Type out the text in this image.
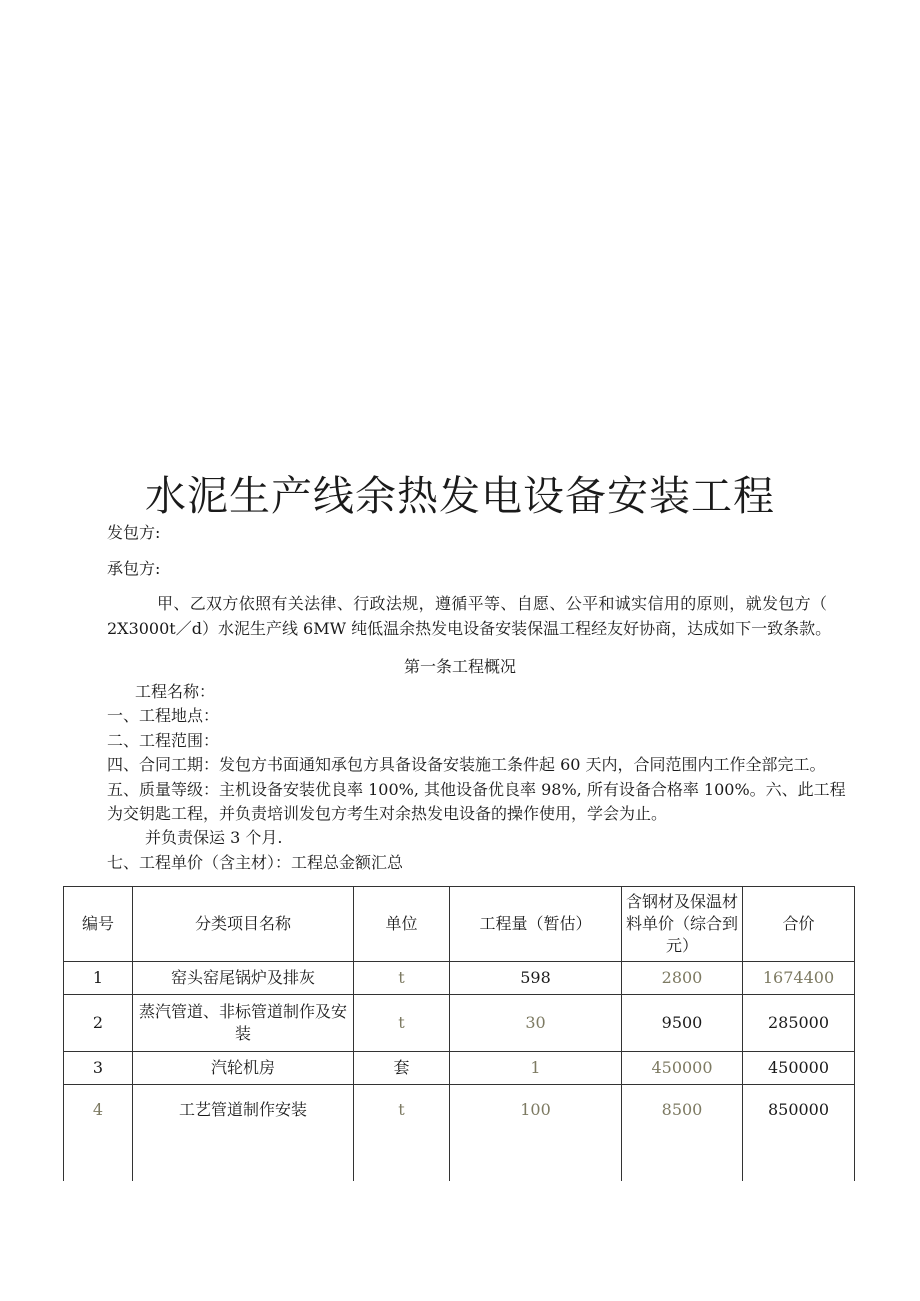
水泥生产线余热发电设备安装工程
发包方:
承包方:
甲、乙双方依照有关法律、行政法规，遵循平等、自愿、公平和诚实信用的原则，就发包方（
2X3000t／d）水泥生产线 6MW 纯低温余热发电设备安装保温工程经友好协商，达成如下一致条款。
第一条工程概况
工程名称：
一、工程地点：
二、工程范围：
四、合同工期：发包方书面通知承包方具备设备安装施工条件起 60 天内，合同范围内工作全部完工。
五、质量等级：主机设备安装优良率 100%, 其他设备优良率 98%, 所有设备合格率 100%。六、此工程
为交钥匙工程，并负责培训发包方考生对余热发电设备的操作使用，学会为止。
并负责保运 3 个月.
七、工程单价（含主材）：工程总金额汇总
编号	分类项目名称	单位	工程量（暂估）	含钢材及保温材料单价（综合到元）	合价
1	窑头窑尾锅炉及排灰	t	598	2800	1674400
2	蒸汽管道、非标管道制作及安装	t	30	9500	285000
3	汽轮机房	套	1	450000	450000
4	工艺管道制作安装	t	100	8500	850000
